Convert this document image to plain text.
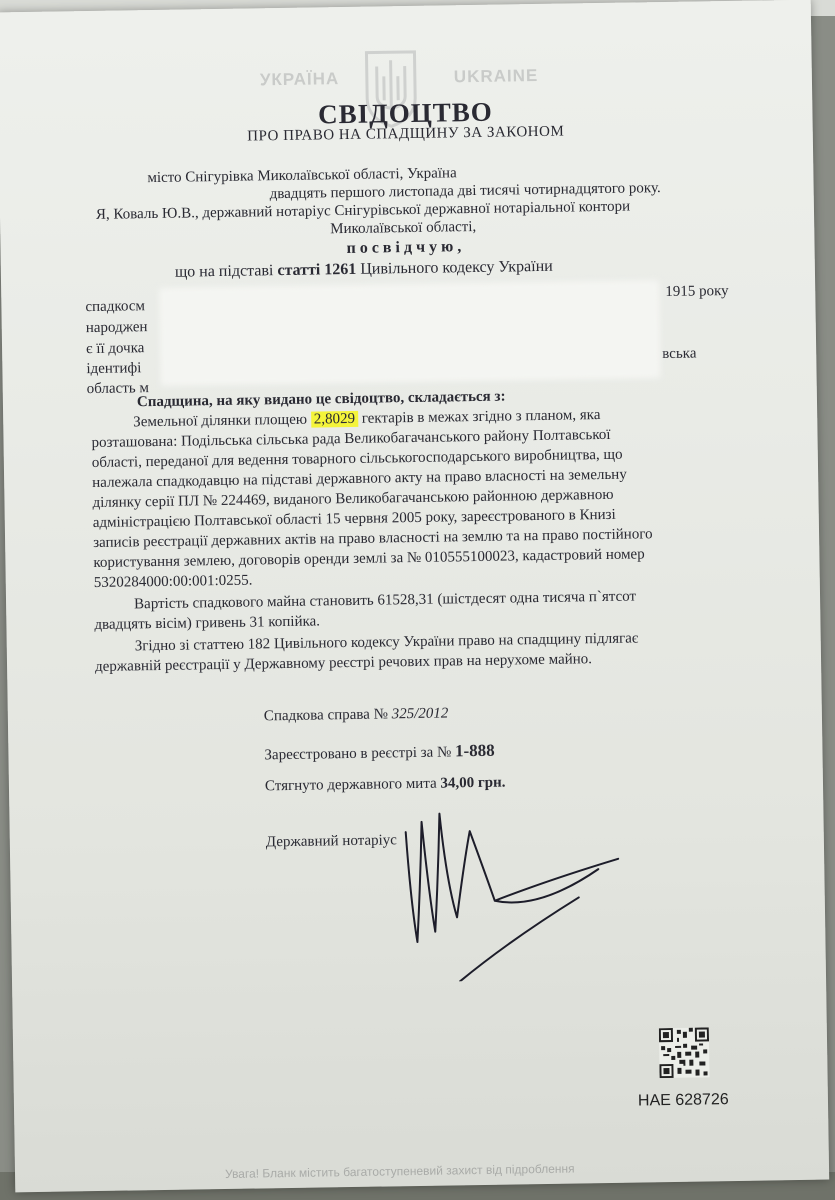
УКРАЇНА	UKRAINE
СВІДОЦТВО
ПРО ПРАВО НА СПАДЩИНУ ЗА ЗАКОНОМ
місто Снігурівка Миколаївської області, Україна
двадцять першого листопада дві тисячі чотирнадцятого року.
Я, Коваль Ю.В., державний нотаріус Снігурівської державної нотаріальної контори
Миколаївської області,
посвідчую,
що на підставі статті 1261 Цивільного кодексу України
спадкосм
1915 року
народжен
є її дочка
ідентифі
вська
область м
Спадщина, на яку видано це свідоцтво, складається з:
Земельної ділянки площею 2,8029 гектарів в межах згідно з планом, яка
розташована: Подільська сільська рада Великобагачанського району Полтавської
області, переданої для ведення товарного сільськогосподарського виробництва, що
належала спадкодавцю на підставі державного акту на право власності на земельну
ділянку серії ПЛ № 224469, виданого Великобагачанською районною державною
адміністрацією Полтавської області 15 червня 2005 року, зареєстрованого в Книзі
записів реєстрації державних актів на право власності на землю та на право постійного
користування землею, договорів оренди землі за № 010555100023, кадастровий номер
5320284000:00:001:0255.
Вартість спадкового майна становить 61528,31 (шістдесят одна тисяча п`ятсот
двадцять вісім) гривень 31 копійка.
Згідно зі статтею 182 Цивільного кодексу України право на спадщину підлягає
державній реєстрації у Державному реєстрі речових прав на нерухоме майно.
Спадкова справа № 325/2012
Зареєстровано в реєстрі за № 1-888
Стягнуто державного мита 34,00 грн.
Державний нотаріус
НАЕ 628726
Увага! Бланк містить багатоступеневий захист від підроблення
